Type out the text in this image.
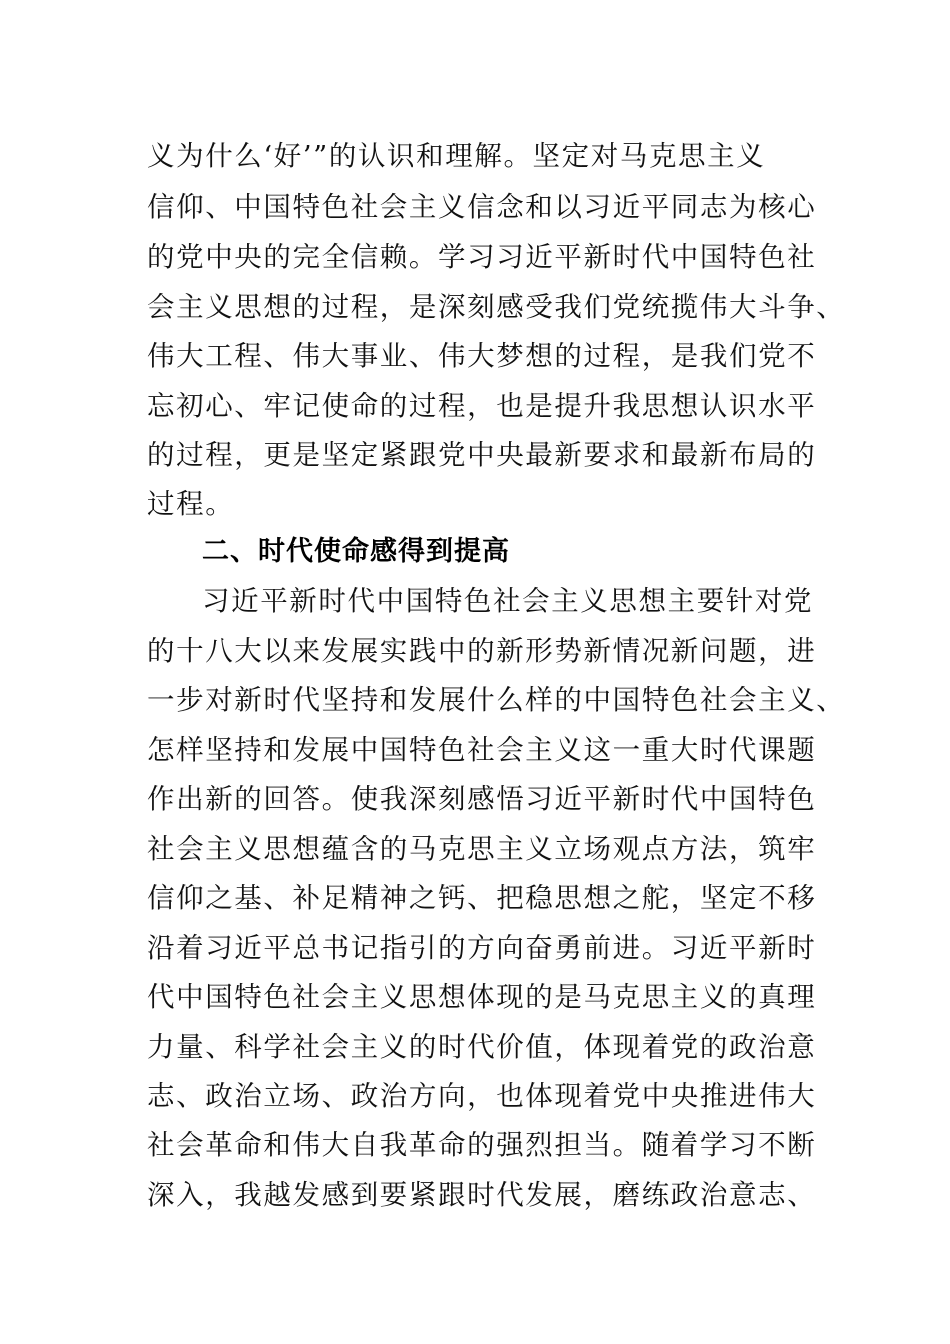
义为什么‘好’”的认识和理解。坚定对马克思主义
信仰、中国特色社会主义信念和以习近平同志为核心
的党中央的完全信赖。学习习近平新时代中国特色社
会主义思想的过程，是深刻感受我们党统揽伟大斗争、
伟大工程、伟大事业、伟大梦想的过程，是我们党不
忘初心、牢记使命的过程，也是提升我思想认识水平
的过程，更是坚定紧跟党中央最新要求和最新布局的
过程。
二、时代使命感得到提高
习近平新时代中国特色社会主义思想主要针对党
的十八大以来发展实践中的新形势新情况新问题，进
一步对新时代坚持和发展什么样的中国特色社会主义、
怎样坚持和发展中国特色社会主义这一重大时代课题
作出新的回答。使我深刻感悟习近平新时代中国特色
社会主义思想蕴含的马克思主义立场观点方法，筑牢
信仰之基、补足精神之钙、把稳思想之舵，坚定不移
沿着习近平总书记指引的方向奋勇前进。习近平新时
代中国特色社会主义思想体现的是马克思主义的真理
力量、科学社会主义的时代价值，体现着党的政治意
志、政治立场、政治方向，也体现着党中央推进伟大
社会革命和伟大自我革命的强烈担当。随着学习不断
深入，我越发感到要紧跟时代发展，磨练政治意志、
